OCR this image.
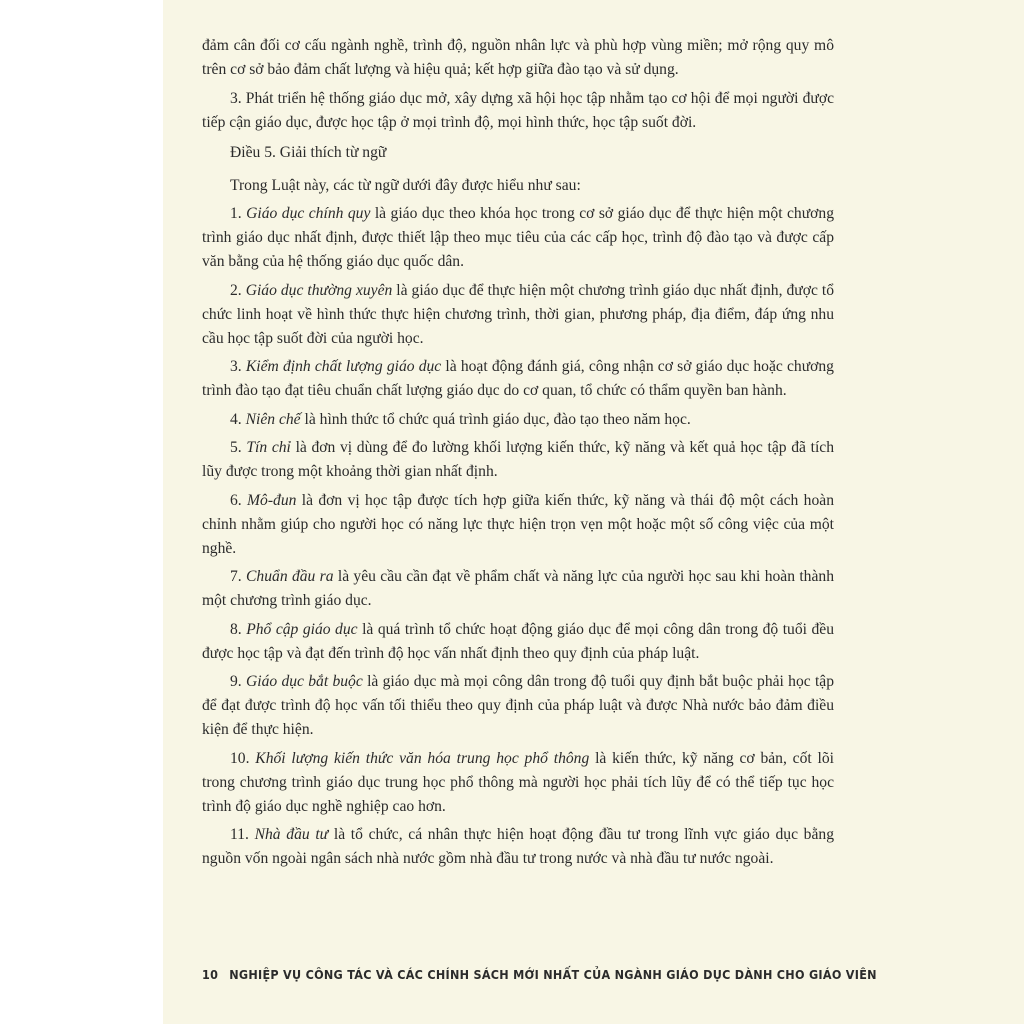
đảm cân đối cơ cấu ngành nghề, trình độ, nguồn nhân lực và phù hợp vùng miền; mở rộng quy mô trên cơ sở bảo đảm chất lượng và hiệu quả; kết hợp giữa đào tạo và sử dụng.

3. Phát triển hệ thống giáo dục mở, xây dựng xã hội học tập nhằm tạo cơ hội để mọi người được tiếp cận giáo dục, được học tập ở mọi trình độ, mọi hình thức, học tập suốt đời.

Điều 5. Giải thích từ ngữ

Trong Luật này, các từ ngữ dưới đây được hiểu như sau:

1. Giáo dục chính quy là giáo dục theo khóa học trong cơ sở giáo dục để thực hiện một chương trình giáo dục nhất định, được thiết lập theo mục tiêu của các cấp học, trình độ đào tạo và được cấp văn bằng của hệ thống giáo dục quốc dân.

2. Giáo dục thường xuyên là giáo dục để thực hiện một chương trình giáo dục nhất định, được tổ chức linh hoạt về hình thức thực hiện chương trình, thời gian, phương pháp, địa điểm, đáp ứng nhu cầu học tập suốt đời của người học.

3. Kiểm định chất lượng giáo dục là hoạt động đánh giá, công nhận cơ sở giáo dục hoặc chương trình đào tạo đạt tiêu chuẩn chất lượng giáo dục do cơ quan, tổ chức có thẩm quyền ban hành.

4. Niên chế là hình thức tổ chức quá trình giáo dục, đào tạo theo năm học.

5. Tín chỉ là đơn vị dùng để đo lường khối lượng kiến thức, kỹ năng và kết quả học tập đã tích lũy được trong một khoảng thời gian nhất định.

6. Mô-đun là đơn vị học tập được tích hợp giữa kiến thức, kỹ năng và thái độ một cách hoàn chỉnh nhằm giúp cho người học có năng lực thực hiện trọn vẹn một hoặc một số công việc của một nghề.

7. Chuẩn đầu ra là yêu cầu cần đạt về phẩm chất và năng lực của người học sau khi hoàn thành một chương trình giáo dục.

8. Phổ cập giáo dục là quá trình tổ chức hoạt động giáo dục để mọi công dân trong độ tuổi đều được học tập và đạt đến trình độ học vấn nhất định theo quy định của pháp luật.

9. Giáo dục bắt buộc là giáo dục mà mọi công dân trong độ tuổi quy định bắt buộc phải học tập để đạt được trình độ học vấn tối thiểu theo quy định của pháp luật và được Nhà nước bảo đảm điều kiện để thực hiện.

10. Khối lượng kiến thức văn hóa trung học phổ thông là kiến thức, kỹ năng cơ bản, cốt lõi trong chương trình giáo dục trung học phổ thông mà người học phải tích lũy để có thể tiếp tục học trình độ giáo dục nghề nghiệp cao hơn.

11. Nhà đầu tư là tổ chức, cá nhân thực hiện hoạt động đầu tư trong lĩnh vực giáo dục bằng nguồn vốn ngoài ngân sách nhà nước gồm nhà đầu tư trong nước và nhà đầu tư nước ngoài.

10 NGHIỆP VỤ CÔNG TÁC VÀ CÁC CHÍNH SÁCH MỚI NHẤT CỦA NGÀNH GIÁO DỤC DÀNH CHO GIÁO VIÊN
